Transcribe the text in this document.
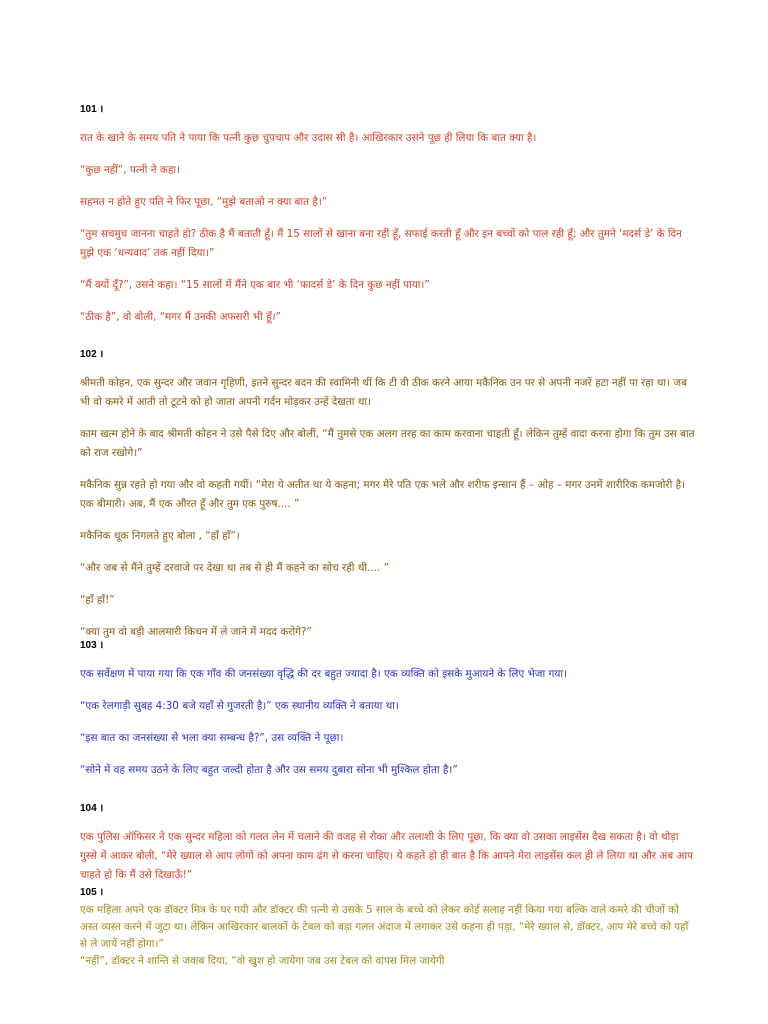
101 ।

रात के खाने के समय पति ने पाया कि पत्नी कुछ चुपचाप और उदास सी है। आखिरकार उसने पूछ ही लिया कि बात क्या है।

“कुछ नहीं”, पत्नी ने कहा।

सहमत न होते हुए पति ने फिर पूछा, “मुझे बताओ न क्या बात है।”

“तुम सचमुच जानना चाहते हो? ठीक है मैं बताती हूँ। मैं 15 सालों से खाना बना रही हूँ, सफाई करती हूँ और इन बच्चों को पाल रही हूँ; और तुमने ‘मदर्स डे’ के दिन मुझे एक ‘धन्यवाद’ तक नहीं दिया।”

“मैं क्यों दूँ?”, उसने कहा। “15 सालों में मैंने एक बार भी ‘फादर्स डे’ के दिन कुछ नहीं पाया।”

“ठीक है”, वो बोली, “मगर मैं उनकी अफसरी भी हूँ।”

102 ।

श्रीमती कोहन, एक सुन्दर और जवान गृहिणी, इतने सुन्दर बदन की स्वामिनी थीं कि टी वी ठीक करने आया मकैनिक उन पर से अपनी नजरें हटा नहीं पा रहा था। जब भी वो कमरे में आती तो टूटने को हो जाता अपनी गर्दन मोड़कर उन्हें देखता था।

काम खत्म होने के बाद श्रीमती कोहन ने उसे पैसे दिए और बोलीं, “मैं तुमसे एक अलग तरह का काम करवाना चाहती हूँ। लेकिन तुम्हें वादा करना होगा कि तुम उस बात को राज रखोगे।”

मकैनिक सुन्न रहते हो गया और वो कहती गयीं। “मेरा ये अतीत था ये कहना; मगर मेरे पति एक भले और शरीफ इन्सान हैं – ओह – मगर उनमें शारीरिक कमजोरी है। एक बीमारी। अब, मैं एक औरत हूँ और तुम एक पुरुष.... ”

मकैनिक थूक निगलते हुए बोला , “हाँ हाँ”।

“और जब से मैंने तुम्हें दरवाजे पर देखा था तब से ही मैं कहने का सोच रही थी.... ”

“हाँ हाँ!”

“क्या तुम वो बड़ी आलमारी किचन में ले जाने में मदद करोगे?”

103 ।

एक सर्वेक्षण में पाया गया कि एक गाँव की जनसंख्या वृद्धि की दर बहुत ज्यादा है। एक व्यक्ति को इसके मुआयने के लिए भेजा गया।

“एक रेलगाड़ी सुबह 4:30 बजे यहाँ से गुजरती है।” एक स्थानीय व्यक्ति ने बताया था।

“इस बात का जनसंख्या से भला क्या सम्बन्ध है?”, उस व्यक्ति ने पूछा।

“सोने में वह समय उठने के लिए बहुत जल्दी होता है और उस समय दुबारा सोना भी मुश्किल होता है।”

104 ।

एक पुलिस ऑफिसर ने एक सुन्दर महिला को गलत लेन में चलाने की वजह से रोका और तलाशी के लिए पूछा, कि क्या वो उसका लाइसेंस देख सकता है। वो थोड़ा गुस्से में आकर बोली, “मेरे ख्याल से आप लोगों को अपना काम ढंग से करना चाहिए। ये कहते हो ही बात है कि आपने मेरा लाइसेंस कल ही ले लिया था और अब आप चाहते हो कि मैं उसे दिखाऊँ!”

105 ।

एक महिला अपने एक डॉक्टर मित्र के घर गयी और डॉक्टर की पत्नी से उसके 5 साल के बच्चे को लेकर कोई सलाह नहीं किया गया बल्कि वाले कमरे की चीजों को अस्त व्यस्त करने में जुटा था। लेकिन आखिरकार बालकों के टेबल को बड़ा गलत अंदाज में लगाकर उसे कहना ही पड़ा, “मेरे ख्याल से, डॉक्टर, आप मेरे बच्चे को यहाँ से ले जायें नहीं होगा।”

“नहीं”, डॉक्टर ने शान्ति से जवाब दिया, “वो खुश हो जायेगा जब उस टेबल को वापस मिल जायेगी
